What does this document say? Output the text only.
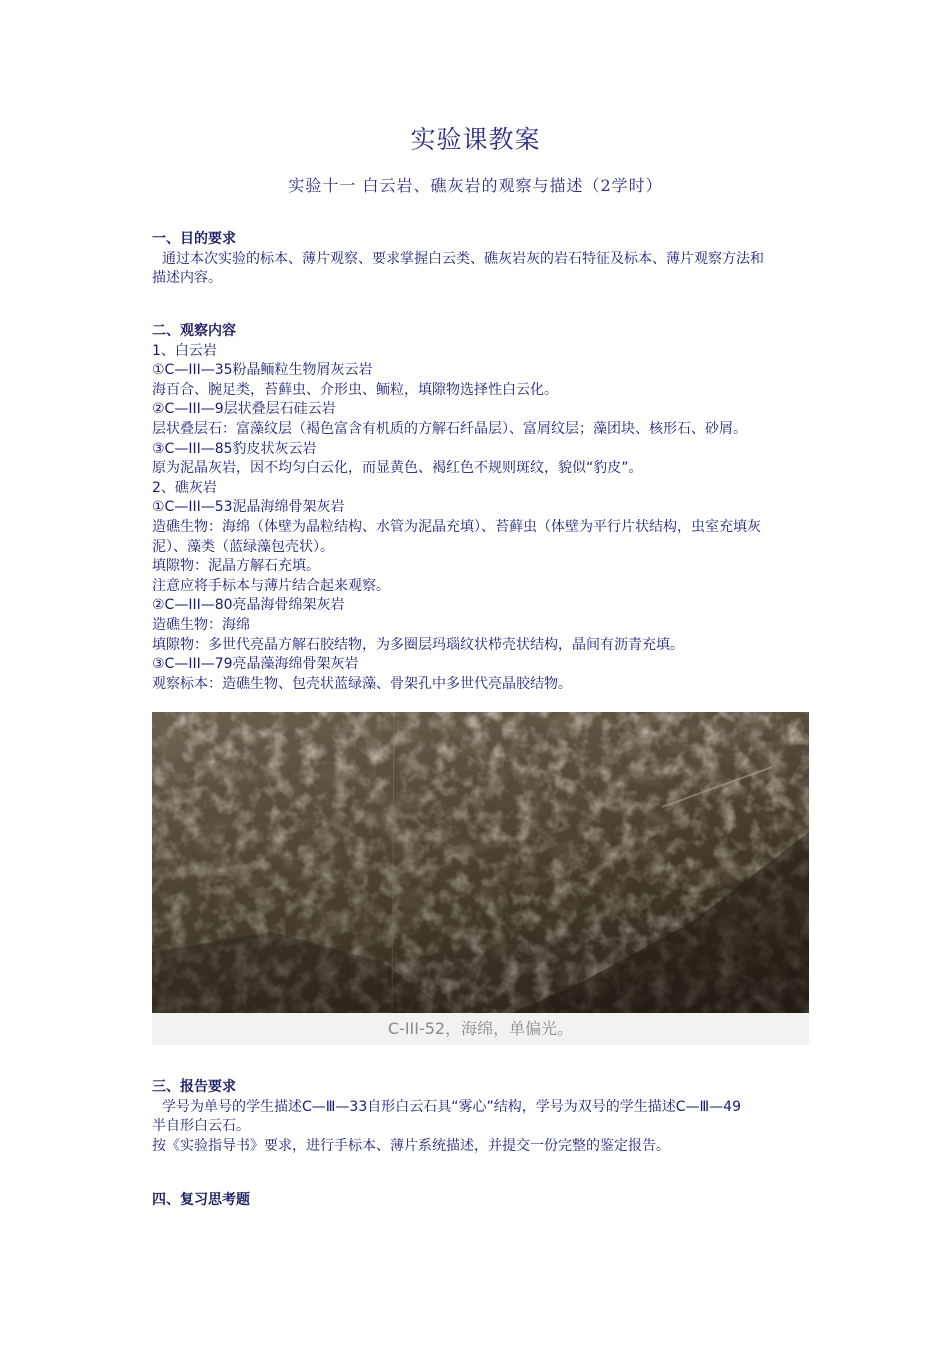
实验课教案
实验十一 白云岩、礁灰岩的观察与描述（2学时）
一、目的要求
通过本次实验的标本、薄片观察、要求掌握白云类、礁灰岩灰的岩石特征及标本、薄片观察方法和
描述内容。
二、观察内容
1、白云岩
①C—III—35粉晶鲕粒生物屑灰云岩
海百合、腕足类，苔藓虫、介形虫、鲕粒，填隙物选择性白云化。
②C—III—9层状叠层石硅云岩
层状叠层石：富藻纹层（褐色富含有机质的方解石纤晶层）、富屑纹层；藻团块、核形石、砂屑。
③C—III—85豹皮状灰云岩
原为泥晶灰岩，因不均匀白云化，而显黄色、褐红色不规则斑纹，貌似“豹皮”。
2、礁灰岩
①C—III—53泥晶海绵骨架灰岩
造礁生物：海绵（体壁为晶粒结构、水管为泥晶充填）、苔藓虫（体壁为平行片状结构，虫室充填灰
泥）、藻类（蓝绿藻包壳状）。
填隙物：泥晶方解石充填。
注意应将手标本与薄片结合起来观察。
②C—III—80亮晶海骨绵架灰岩
造礁生物：海绵
填隙物：多世代亮晶方解石胶结物，为多圈层玛瑙纹状栉壳状结构，晶间有沥青充填。
③C—III—79亮晶藻海绵骨架灰岩
观察标本：造礁生物、包壳状蓝绿藻、骨架孔中多世代亮晶胶结物。
C-III-52，海绵，单偏光。
三、报告要求
学号为单号的学生描述C—Ⅲ—33自形白云石具“雾心”结构，学号为双号的学生描述C—Ⅲ—49
半自形白云石。
按《实验指导书》要求，进行手标本、薄片系统描述，并提交一份完整的鉴定报告。
四、复习思考题
